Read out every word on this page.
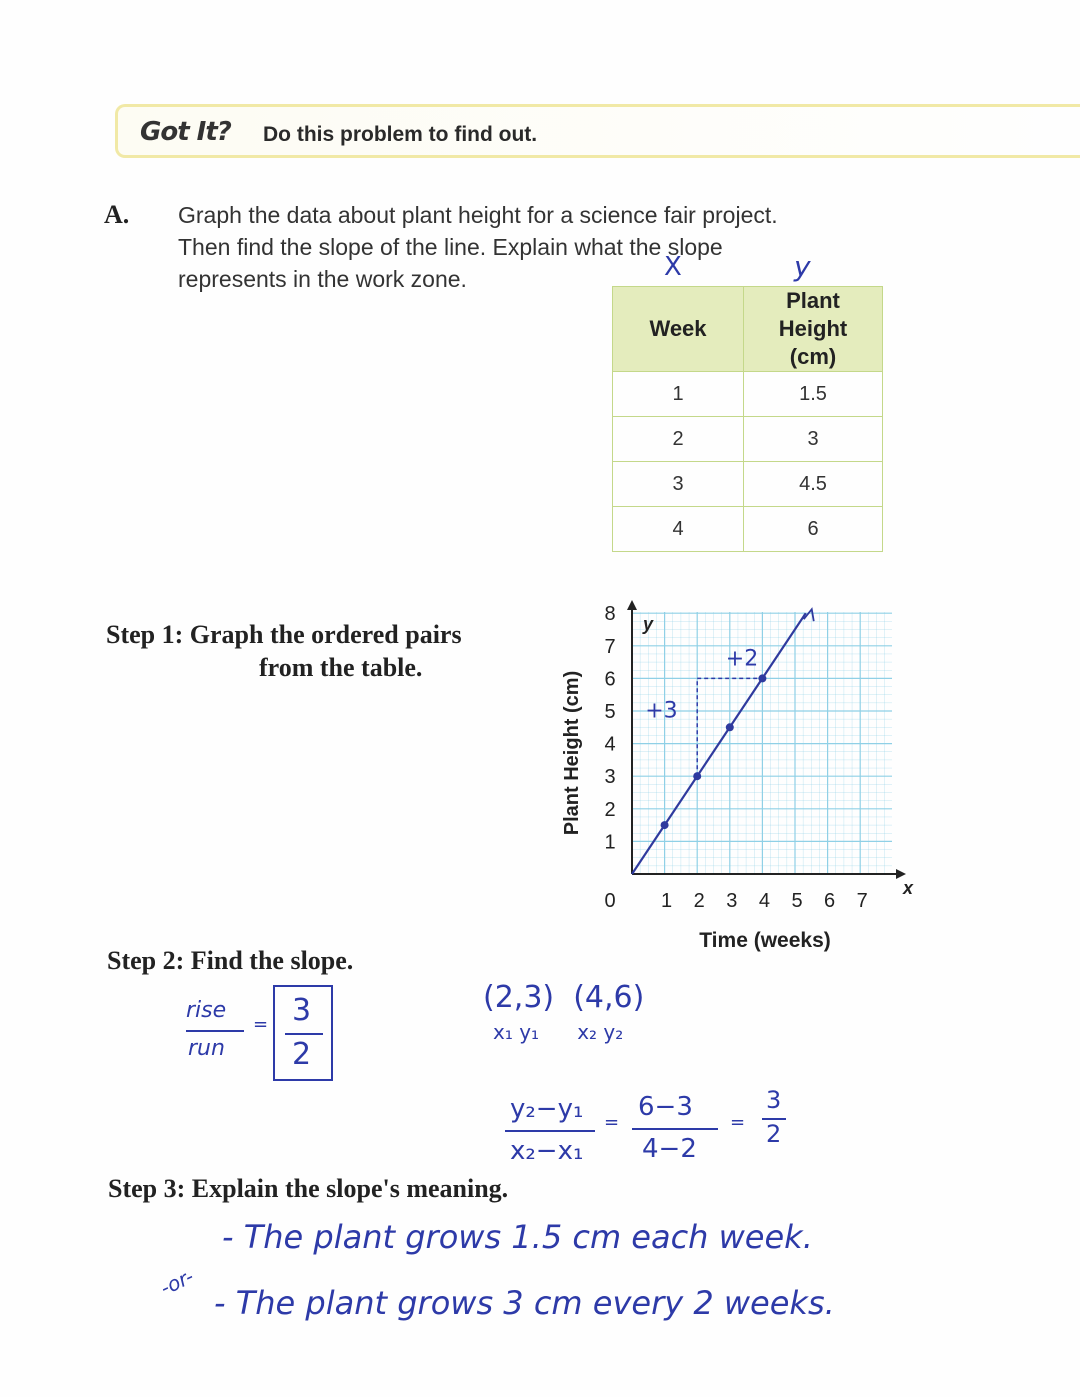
Got It? Do this problem to find out.
A. Graph the data about plant height for a science fair project.
Then find the slope of the line. Explain what the slope
represents in the work zone.	X	y
Week	Plant Height (cm)
1	1.5
2	3
3	4.5
4	6
Step 1: Graph the ordered pairs
from the table.
1
2
3
4
5
6
7
8
1 2 3 4 5 6 7
0
y
x
Time (weeks)
Plant Height (cm)	+3
+2
Step 2: Find the slope.
rise
run
= 3
2
(2,3)  (4,6)
x₁ y₁      x₂ y₂
y₂−y₁
x₂−x₁
=
6−3
4−2
=
3
2
Step 3: Explain the slope's meaning.
- The plant grows 1.5 cm each week.
-or-
- The plant grows 3 cm every 2 weeks.
